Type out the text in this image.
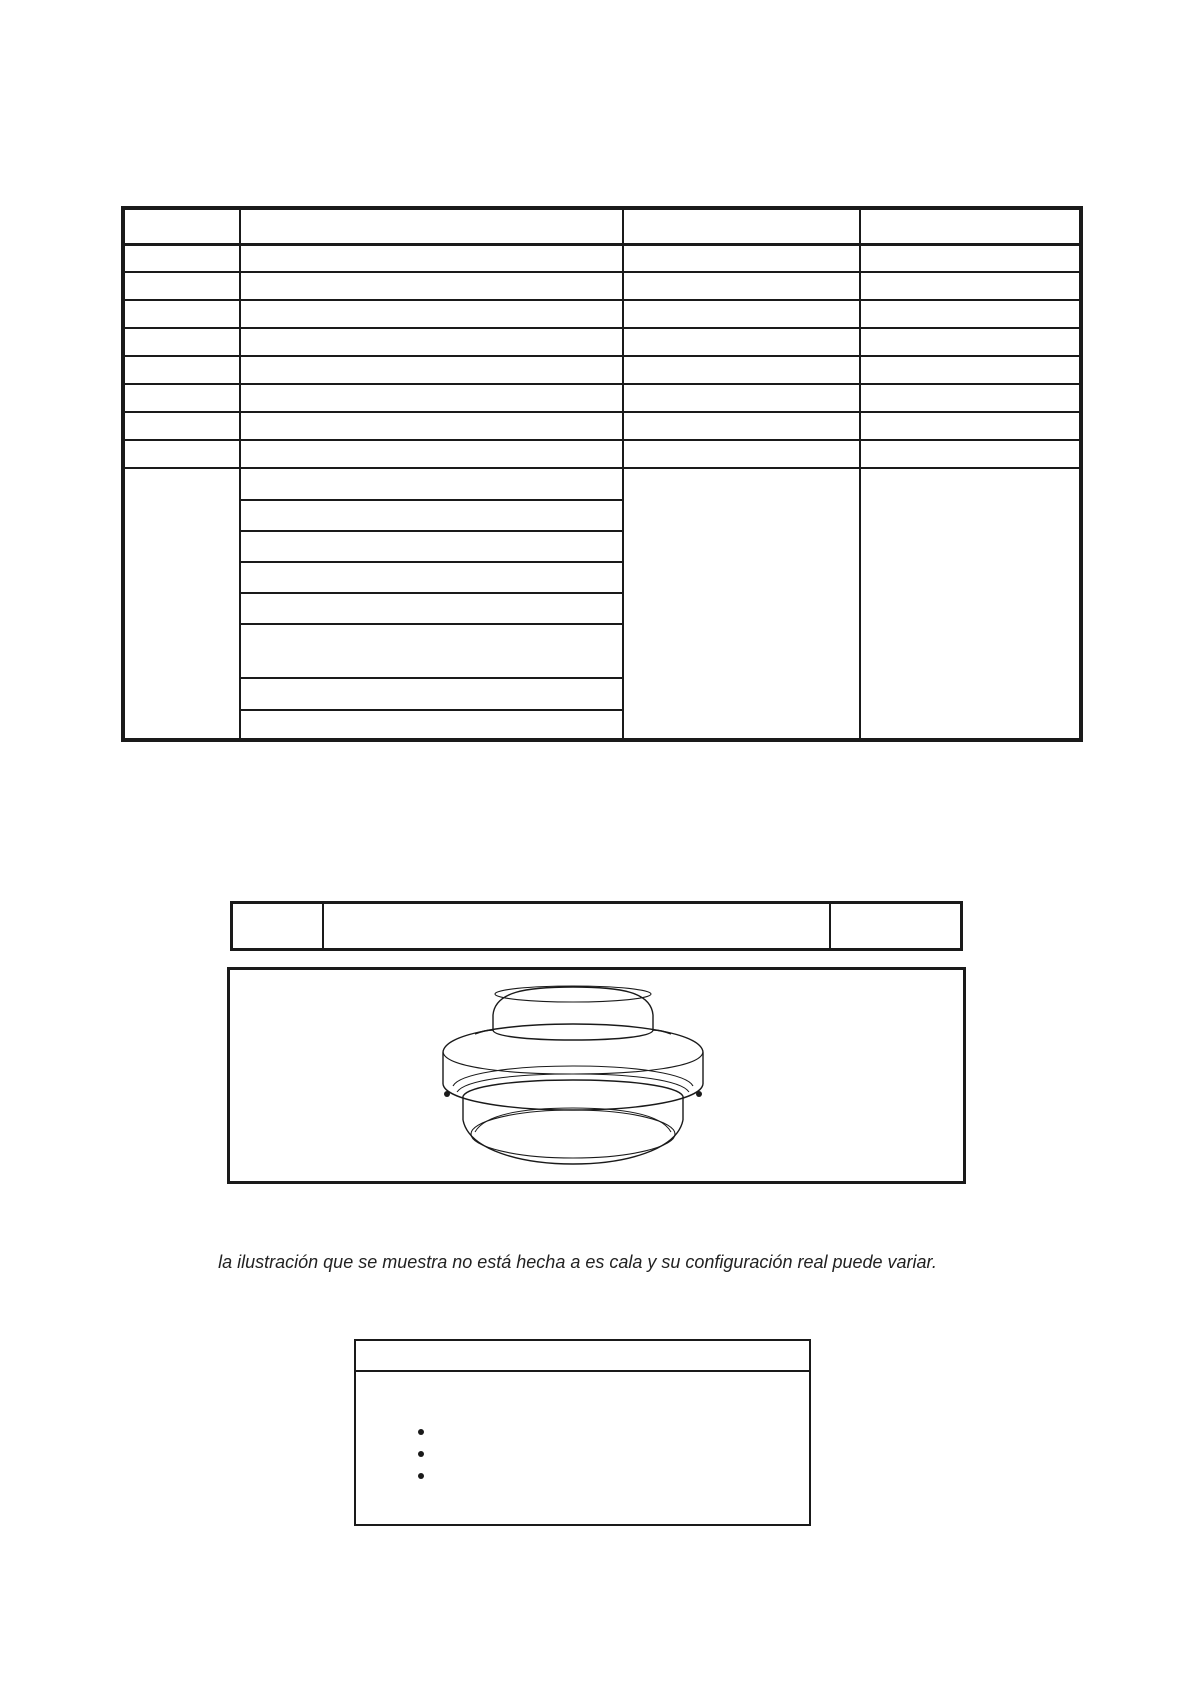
la ilustración que se muestra no está hecha a es cala y su configuración real puede variar.
